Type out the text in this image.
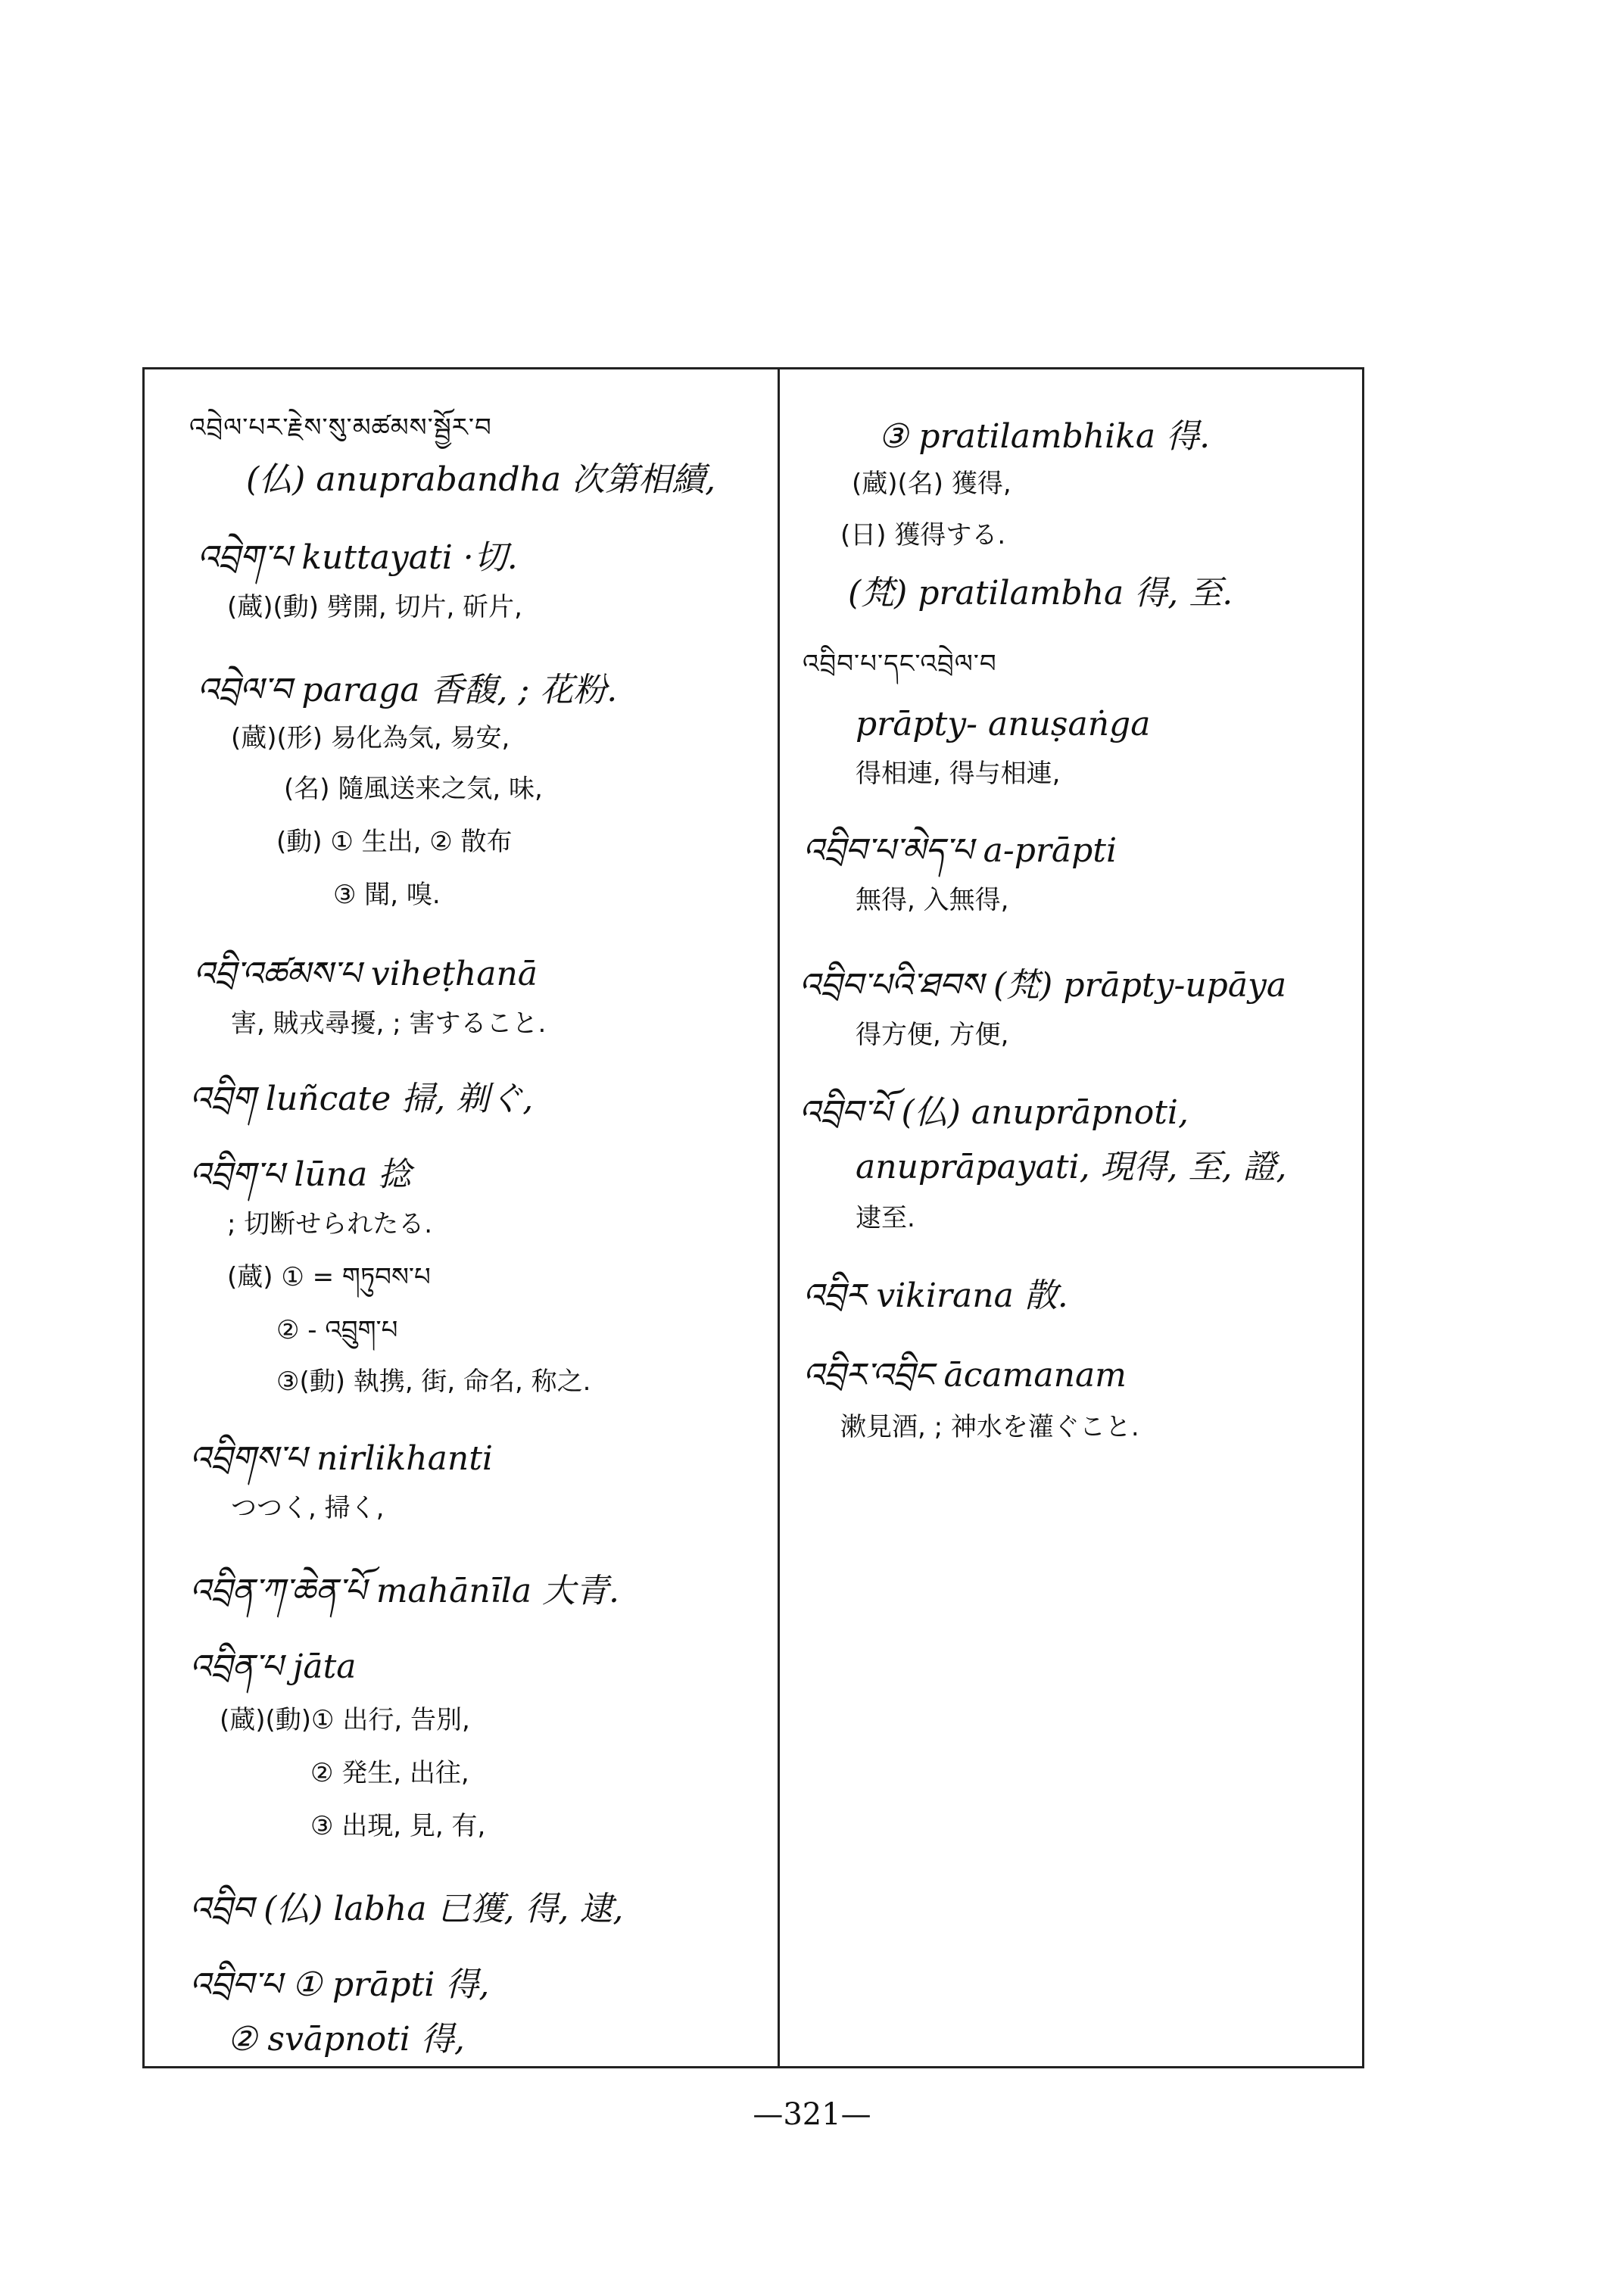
འབྲེལ་པར་རྗེས་སུ་མཚམས་སྦྱོར་བ
(仏) anuprabandha 次第相續,
འབྲེག་པ kuttayati ·切.
(蔵)(動) 劈開, 切片, 斫片,
འབྲེལ་བ paraga 香馥, ; 花粉.
(蔵)(形) 易化為気, 易安,
(名) 隨風送来之気, 味,
(動) ① 生出, ② 散布
③ 聞, 嗅.
འབྲི་འཚམས་པ viheṭhanā
害, 賊戎尋擾, ; 害すること.
འབྲིག luñcate 掃, 剃ぐ,
འབྲིག་པ lūna 捻
; 切断せられたる.
(蔵) ① = གཏུབས་པ
② - འབྲུག་པ
③(動) 執携, 街, 命名, 称之.
འབྲིགས་པ nirlikhanti
つつく, 掃く,
འབྲིན་ཀ་ཆེན་པོ mahānīla 大青.
འབྲིན་པ jāta
(蔵)(動)① 出行, 告別,
② 発生, 出往,
③ 出現, 見, 有,
འབྲིབ (仏) labha 已獲, 得, 逮,
འབྲིབ་པ ① prāpti 得,
② svāpnoti 得,
③ pratilambhika 得.
(蔵)(名) 獲得,
(日) 獲得する.
(梵) pratilambha 得, 至.
འབྲིབ་པ་དང་འབྲེལ་བ
prāpty- anuṣaṅga
得相連, 得与相連,
འབྲིབ་པ་མེད་པ a-prāpti
無得, 入無得,
འབྲིབ་པའི་ཐབས (梵) prāpty-upāya
得方便, 方便,
འབྲིབ་པོ (仏) anuprāpnoti,
anuprāpayati, 現得, 至, 證,
逮至.
འབྲིར vikirana 散.
འབྲིར་འབྲིང ācamanam
漱見酒, ; 神水を灌ぐこと.
—321—
